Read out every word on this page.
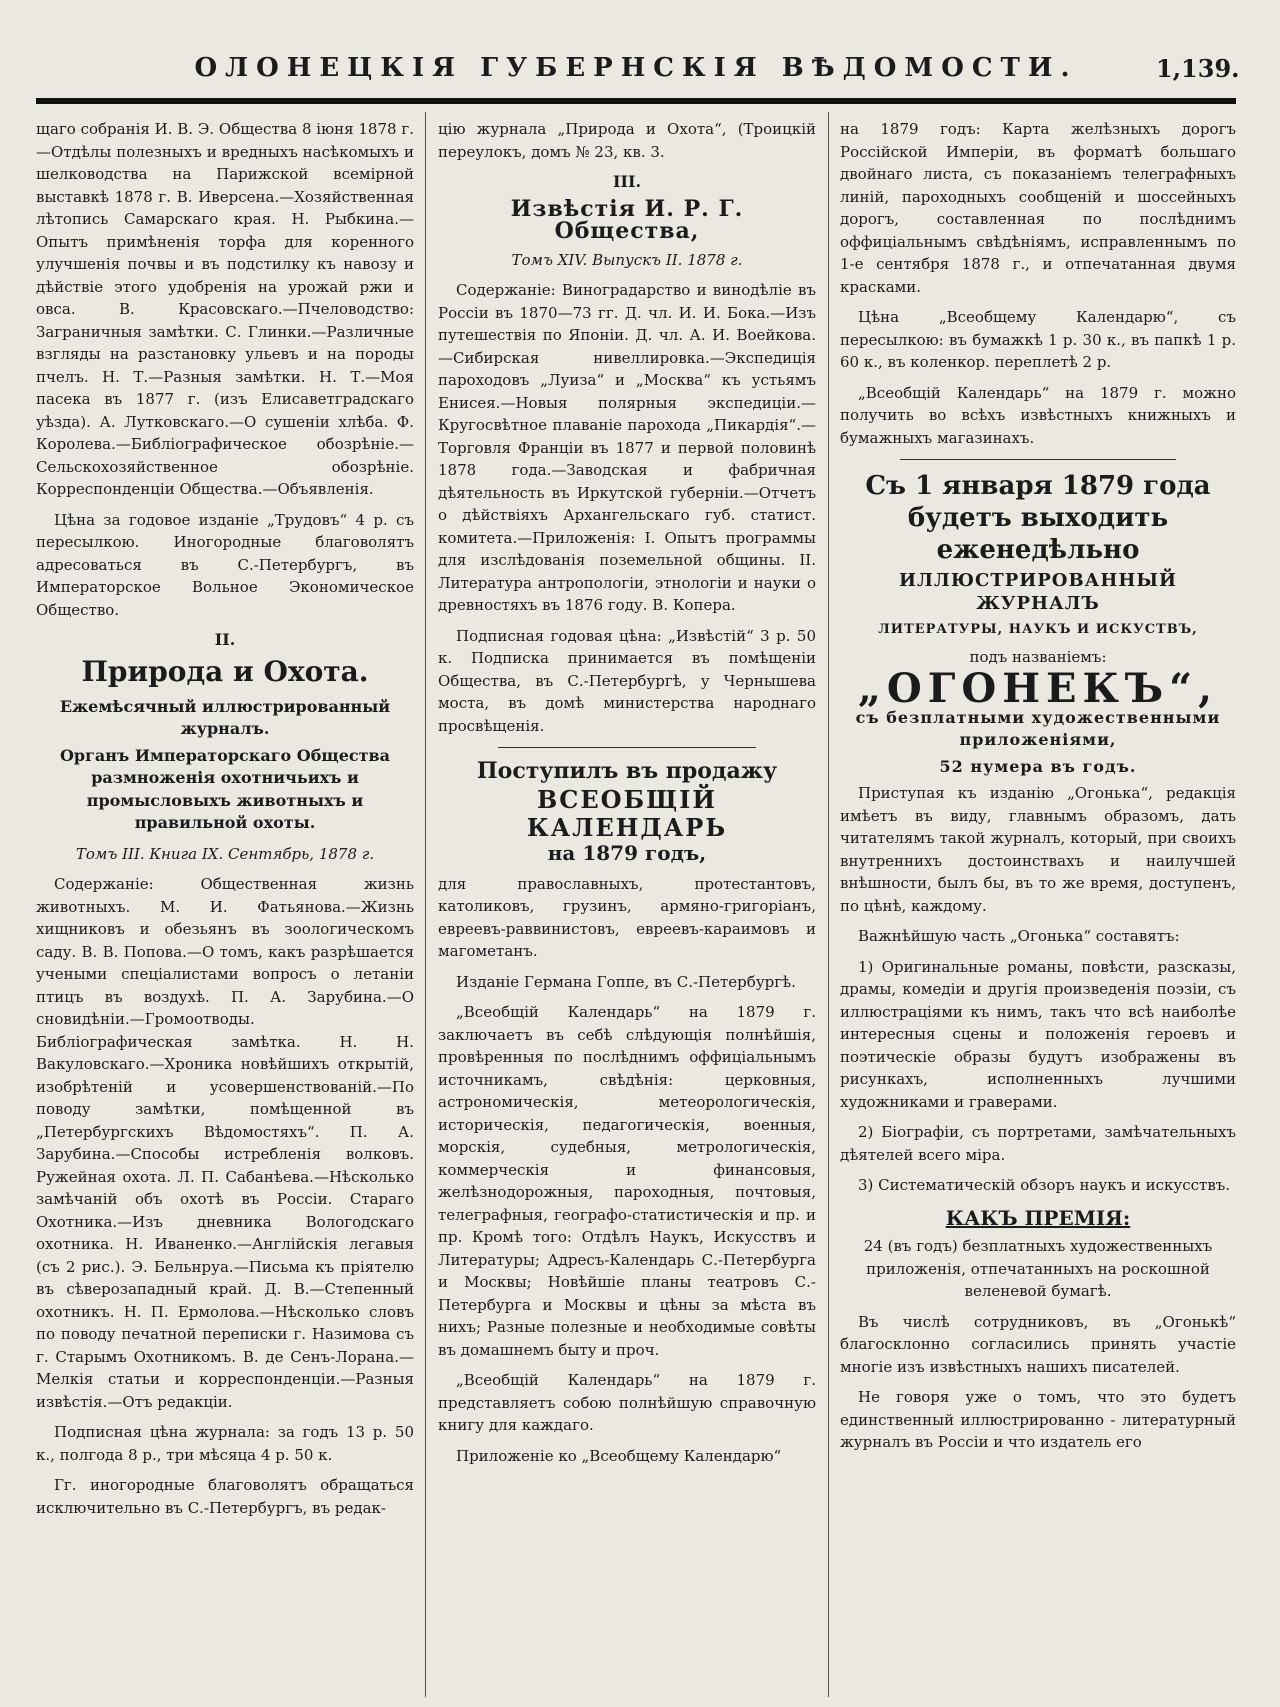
ОЛОНЕЦКІЯ ГУБЕРНСКІЯ ВѢДОМОСТИ.	1,139.

щаго собранія И. В. Э. Общества 8 іюня 1878 г.—Отдѣлы полезныхъ и вредныхъ насѣкомыхъ и шелководства на Парижской всемірной выставкѣ 1878 г. В. Иверсена.—Хозяйственная лѣтопись Самарскаго края. Н. Рыбкина.—Опытъ примѣненія торфа для коренного улучшенія почвы и въ подстилку къ навозу и дѣйствіе этого удобренія на урожай ржи и овса. В. Красовскаго.—Пчеловодство: Заграничныя замѣтки. С. Глинки.—Различные взгляды на разстановку ульевъ и на породы пчелъ. Н. Т.—Разныя замѣтки. Н. Т.—Моя пасека въ 1877 г. (изъ Елисаветградскаго уѣзда). А. Лутковскаго.—О сушеніи хлѣба. Ф. Королева.—Библіографическое обозрѣніе.—Сельскохозяйственное обозрѣніе. Корреспонденціи Общества.—Объявленія.

Цѣна за годовое изданіе „Трудовъ“ 4 р. съ пересылкою. Иногородные благоволятъ адресоваться въ С.-Петербургъ, въ Императорское Вольное Экономическое Общество.

II.
Природа и Охота.
Ежемѣсячный иллюстрированный журналъ.
Органъ Императорскаго Общества размноженія охотничьихъ и промысловыхъ животныхъ и правильной охоты.

Томъ III. Книга IX. Сентябрь, 1878 г.

Содержаніе: Общественная жизнь животныхъ. М. И. Фатьянова.—Жизнь хищниковъ и обезьянъ въ зоологическомъ саду. В. В. Попова.—О томъ, какъ разрѣшается учеными спеціалистами вопросъ о летаніи птицъ въ воздухѣ. П. А. Зарубина.—О сновидѣніи.—Громоотводы. Библіографическая замѣтка. Н. Н. Вакуловскаго.—Хроника новѣйшихъ открытій, изобрѣтеній и усовершенствованій.—По поводу замѣтки, помѣщенной въ „Петербургскихъ Вѣдомостяхъ“. П. А. Зарубина.—Способы истребленія волковъ. Ружейная охота. Л. П. Сабанѣева.—Нѣсколько замѣчаній объ охотѣ въ Россіи. Стараго Охотника.—Изъ дневника Вологодскаго охотника. Н. Иваненко.—Англійскія легавыя (съ 2 рис.). Э. Бельнруа.—Письма къ пріятелю въ сѣверозападный край. Д. В.—Степенный охотникъ. Н. П. Ермолова.—Нѣсколько словъ по поводу печатной переписки г. Назимова съ г. Старымъ Охотникомъ. В. де Сенъ-Лорана.—Мелкія статьи и корреспонденціи.—Разныя извѣстія.—Отъ редакціи.

Подписная цѣна журнала: за годъ 13 р. 50 к., полгода 8 р., три мѣсяца 4 р. 50 к.

Гг. иногородные благоволятъ обращаться исключительно въ С.-Петербургъ, въ редак-

цію журнала „Природа и Охота“, (Троицкій переулокъ, домъ № 23, кв. 3.

III.
Извѣстія И. Р. Г. Общества,

Томъ XIV. Выпускъ II. 1878 г.

Содержаніе: Виноградарство и винодѣліе въ Россіи въ 1870—73 гг. Д. чл. И. И. Бока.—Изъ путешествія по Японіи. Д. чл. А. И. Воейкова.—Сибирская нивеллировка.—Экспедиція пароходовъ „Луиза“ и „Москва“ къ устьямъ Енисея.—Новыя полярныя экспедиціи.—Кругосвѣтное плаваніе парохода „Пикардія“.—Торговля Франціи въ 1877 и первой половинѣ 1878 года.—Заводская и фабричная дѣятельность въ Иркутской губерніи.—Отчетъ о дѣйствіяхъ Архангельскаго губ. статист. комитета.—Приложенія: I. Опытъ программы для изслѣдованія поземельной общины. II. Литература антропологіи, этнологіи и науки о древностяхъ въ 1876 году. В. Копера.

Подписная годовая цѣна: „Извѣстій“ 3 р. 50 к. Подписка принимается въ помѣщеніи Общества, въ С.-Петербургѣ, у Чернышева моста, въ домѣ министерства народнаго просвѣщенія.

Поступилъ въ продажу
ВСЕОБЩІЙ КАЛЕНДАРЬ
на 1879 годъ,

для православныхъ, протестантовъ, католиковъ, грузинъ, армяно-григоріанъ, евреевъ-раввинистовъ, евреевъ-караимовъ и магометанъ.

Изданіе Германа Гоппе, въ С.-Петербургѣ.

„Всеобщій Календарь“ на 1879 г. заключаетъ въ себѣ слѣдующія полнѣйшія, провѣренныя по послѣднимъ оффиціальнымъ источникамъ, свѣдѣнія: церковныя, астрономическія, метеорологическія, историческія, педагогическія, военныя, морскія, судебныя, метрологическія, коммерческія и финансовыя, желѣзнодорожныя, пароходныя, почтовыя, телеграфныя, географо-статистическія и пр. и пр. Кромѣ того: Отдѣлъ Наукъ, Искусствъ и Литературы; Адресъ-Календарь С.-Петербурга и Москвы; Новѣйшіе планы театровъ С.-Петербурга и Москвы и цѣны за мѣста въ нихъ; Разные полезные и необходимые совѣты въ домашнемъ быту и проч.

„Всеобщій Календарь“ на 1879 г. представляетъ собою полнѣйшую справочную книгу для каждаго.

Приложеніе ко „Всеобщему Календарю“

на 1879 годъ: Карта желѣзныхъ дорогъ Россійской Имперіи, въ форматѣ большаго двойнаго листа, съ показаніемъ телеграфныхъ линій, пароходныхъ сообщеній и шоссейныхъ дорогъ, составленная по послѣднимъ оффиціальнымъ свѣдѣніямъ, исправленнымъ по 1-е сентября 1878 г., и отпечатанная двумя красками.

Цѣна „Всеобщему Календарю“, съ пересылкою: въ бумажкѣ 1 р. 30 к., въ папкѣ 1 р. 60 к., въ коленкор. переплетѣ 2 р.

„Всеобщій Календарь“ на 1879 г. можно получить во всѣхъ извѣстныхъ книжныхъ и бумажныхъ магазинахъ.

Съ 1 января 1879 года будетъ выходить еженедѣльно
ИЛЛЮСТРИРОВАННЫЙ ЖУРНАЛЪ
ЛИТЕРАТУРЫ, НАУКЪ И ИСКУСТВЪ,
подъ названіемъ:
„ОГОНЕКЪ“,
съ безплатными художественными приложеніями,
52 нумера въ годъ.

Приступая къ изданію „Огонька“, редакція имѣетъ въ виду, главнымъ образомъ, дать читателямъ такой журналъ, который, при своихъ внутреннихъ достоинствахъ и наилучшей внѣшности, былъ бы, въ то же время, доступенъ, по цѣнѣ, каждому.

Важнѣйшую часть „Огонька“ составятъ:

1) Оригинальные романы, повѣсти, разсказы, драмы, комедіи и другія произведенія поэзіи, съ иллюстраціями къ нимъ, такъ что всѣ наиболѣе интересныя сцены и положенія героевъ и поэтическіе образы будутъ изображены въ рисункахъ, исполненныхъ лучшими художниками и граверами.

2) Біографіи, съ портретами, замѣчательныхъ дѣятелей всего міра.

3) Систематическій обзоръ наукъ и искусствъ.

КАКЪ ПРЕМІЯ:

24 (въ годъ) безплатныхъ художественныхъ приложенія, отпечатанныхъ на роскошной веленевой бумагѣ.

Въ числѣ сотрудниковъ, въ „Огонькѣ“ благосклонно согласились принять участіе многіе изъ извѣстныхъ нашихъ писателей.

Не говоря уже о томъ, что это будетъ единственный иллюстрированно - литературный журналъ въ Россіи и что издатель его
